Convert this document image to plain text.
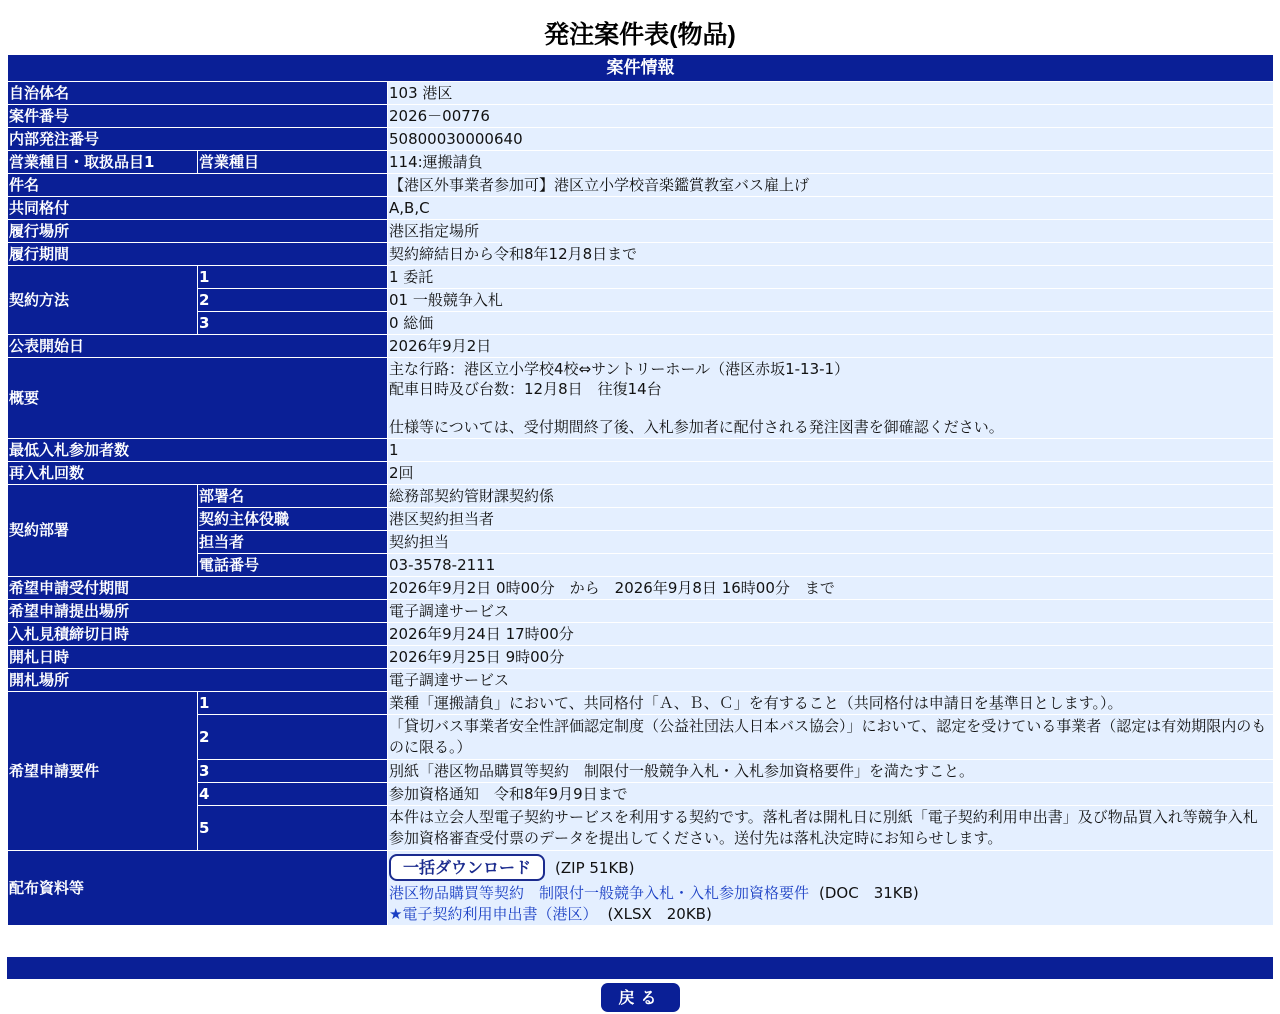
発注案件表(物品)
案件情報		
自治体名		103 港区
案件番号		2026－00776
内部発注番号		50800030000640
営業種目・取扱品目1	営業種目	114:運搬請負
件名		【港区外事業者参加可】港区立小学校音楽鑑賞教室バス雇上げ
共同格付		A,B,C
履行場所		港区指定場所
履行期間		契約締結日から令和8年12月8日まで
契約方法	1	1 委託
	2	01 一般競争入札
	3	0 総価
公表開始日		2026年9月2日
概要		主な行路：港区立小学校4校⇔サントリーホール（港区赤坂1-13-1）
配車日時及び台数：12月8日　往復14台
仕様等については、受付期間終了後、入札参加者に配付される発注図書を御確認ください。

最低入札参加者数		1
再入札回数		2回
契約部署	部署名	総務部契約管財課契約係
	契約主体役職	港区契約担当者
	担当者	契約担当
	電話番号	03-3578-2111
希望申請受付期間		2026年9月2日 0時00分　から　2026年9月8日 16時00分　まで
希望申請提出場所		電子調達サービス
入札見積締切日時		2026年9月24日 17時00分
開札日時		2026年9月25日 9時00分
開札場所		電子調達サービス
希望申請要件	1	業種「運搬請負」において、共同格付「Ａ、Ｂ、Ｃ」を有すること（共同格付は申請日を基準日とします。）。
	2	「貸切バス事業者安全性評価認定制度（公益社団法人日本バス協会）」において、認定を受けている事業者（認定は有効期限内のものに限る。）
	3	別紙「港区物品購買等契約　制限付一般競争入札・入札参加資格要件」を満たすこと。
	4	参加資格通知　令和8年9月9日まで
	5	本件は立会人型電子契約サービスを利用する契約です。落札者は開札日に別紙「電子契約利用申出書」及び物品買入れ等競争入札参加資格審査受付票のデータを提出してください。送付先は落札決定時にお知らせします。
配布資料等		一括ダウンロード (ZIP 51KB)
港区物品購買等契約　制限付一般競争入札・入札参加資格要件 (DOC　31KB)
★電子契約利用申出書（港区） (XLSX　20KB)
戻る
